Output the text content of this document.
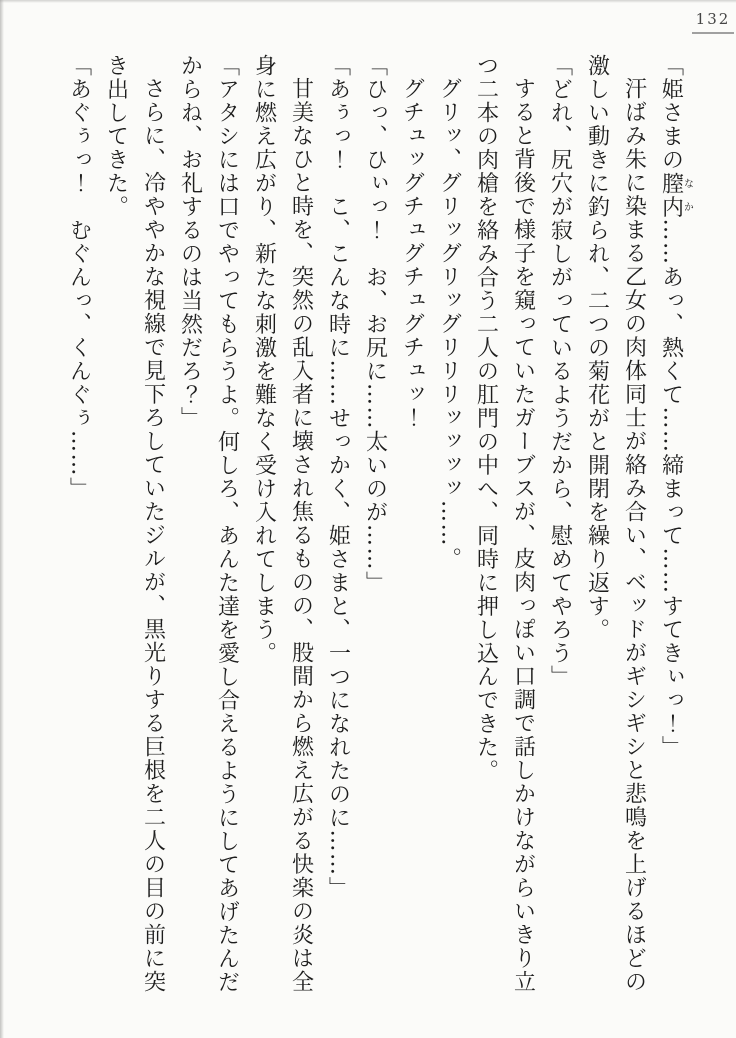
132
「姫さまの膣内なか……あっ、熱くて……締まって……すてきぃっ！」
汗ばみ朱に染まる乙女の肉体同士が絡み合い、ベッドがギシギシと悲鳴を上げるほどの
激しい動きに釣られ、二つの菊花がと開閉を繰り返す。
「どれ、尻穴が寂しがっているようだから、慰めてやろう」
すると背後で様子を窺っていたガーブスが、皮肉っぽい口調で話しかけながらいきり立
つ二本の肉槍を絡み合う二人の肛門の中へ、同時に押し込んできた。
グリッ、グリッグリッグリリリッッッッ……。
グチュッグチュグチュグチュッ！
「ひっ、ひぃっ！　お、お尻に……太いのが……」
「あぅっ！　こ、こんな時に……せっかく、姫さまと、一つになれたのに……」
甘美なひと時を、突然の乱入者に壊され焦るものの、股間から燃え広がる快楽の炎は全
身に燃え広がり、新たな刺激を難なく受け入れてしまう。
「アタシには口でやってもらうよ。何しろ、あんた達を愛し合えるようにしてあげたんだ
からね、お礼するのは当然だろ？」
さらに、冷ややかな視線で見下ろしていたジルが、黒光りする巨根を二人の目の前に突
き出してきた。
「あぐぅっ！　むぐんっ、くんぐぅ……」
